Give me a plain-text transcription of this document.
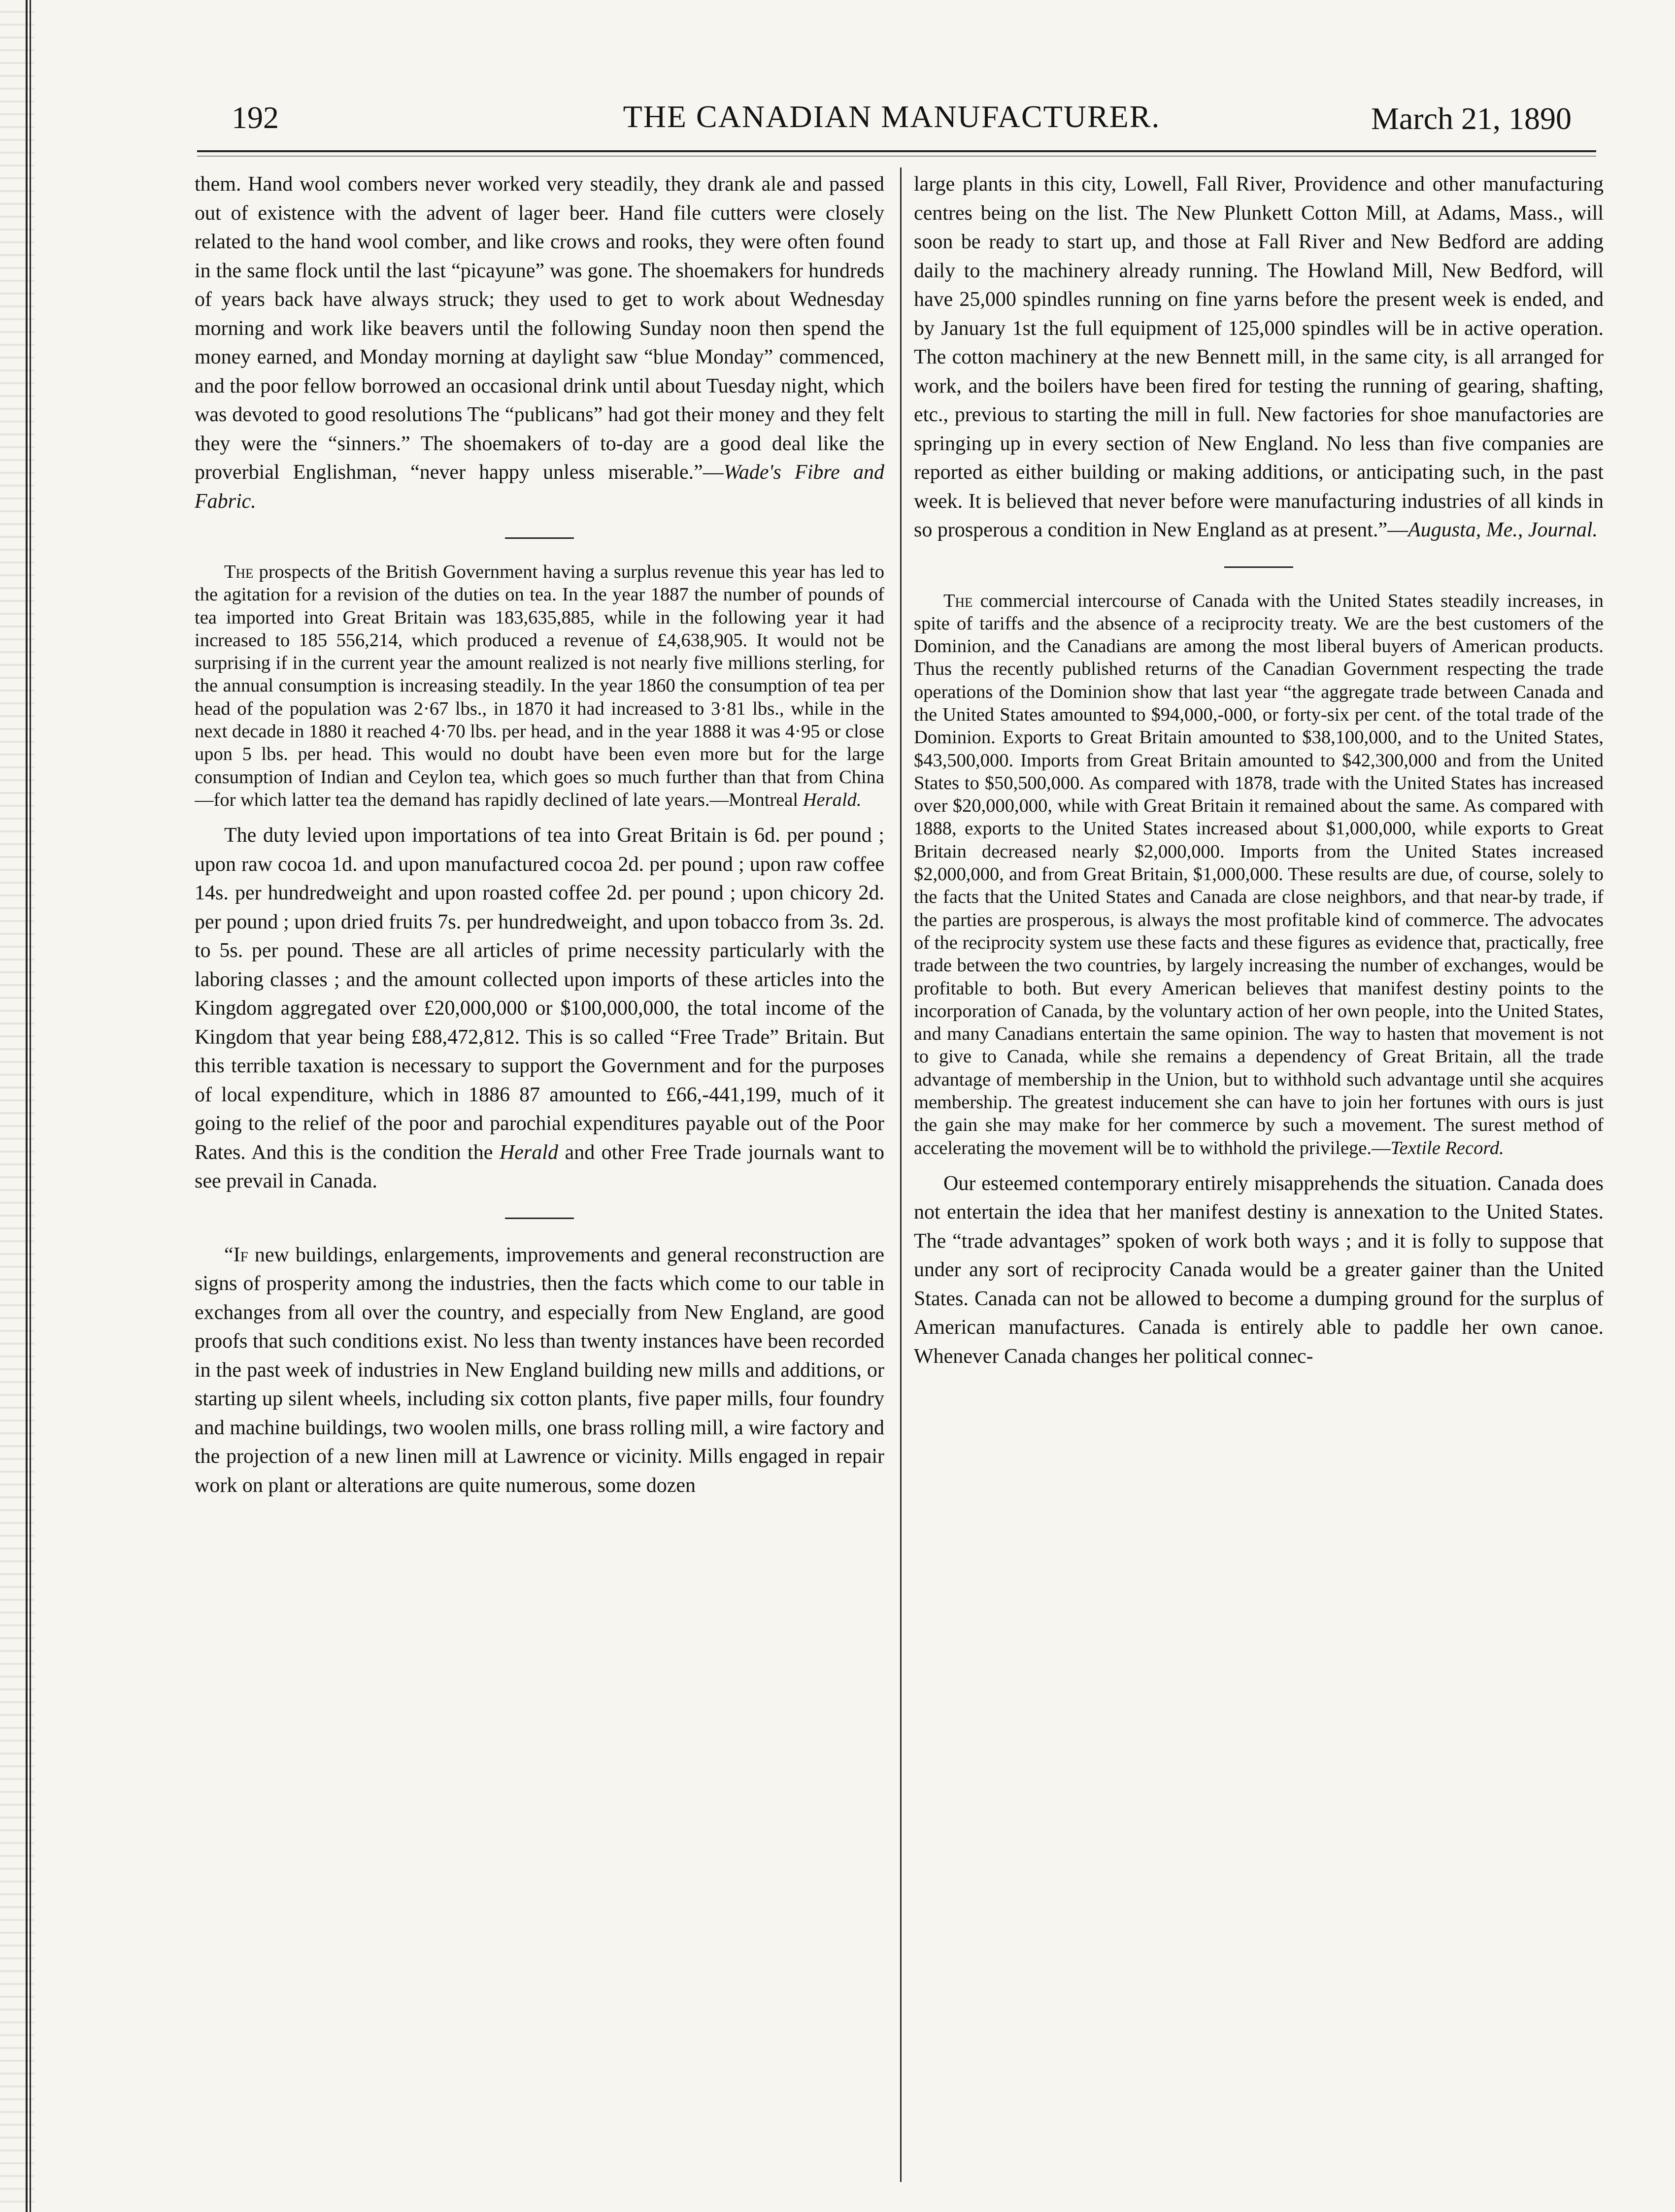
192	THE CANADIAN MANUFACTURER.	March 21, 1890

them. Hand wool combers never worked very steadily, they drank ale and passed out of existence with the advent of lager beer. Hand file cutters were closely related to the hand wool comber, and like crows and rooks, they were often found in the same flock until the last “picayune” was gone. The shoemakers for hundreds of years back have always struck; they used to get to work about Wednesday morning and work like beavers until the following Sunday noon then spend the money earned, and Monday morning at daylight saw “blue Monday” commenced, and the poor fellow borrowed an occasional drink until about Tuesday night, which was devoted to good resolutions The “publicans” had got their money and they felt they were the “sinners.” The shoemakers of to-day are a good deal like the proverbial Englishman, “never happy unless miserable.”—Wade's Fibre and Fabric.

The prospects of the British Government having a surplus revenue this year has led to the agitation for a revision of the duties on tea. In the year 1887 the number of pounds of tea imported into Great Britain was 183,635,885, while in the following year it had increased to 185 556,214, which produced a revenue of £4,638,905. It would not be surprising if in the current year the amount realized is not nearly five millions sterling, for the annual consumption is increasing steadily. In the year 1860 the consumption of tea per head of the population was 2·67 lbs., in 1870 it had increased to 3·81 lbs., while in the next decade in 1880 it reached 4·70 lbs. per head, and in the year 1888 it was 4·95 or close upon 5 lbs. per head. This would no doubt have been even more but for the large consumption of Indian and Ceylon tea, which goes so much further than that from China—for which latter tea the demand has rapidly declined of late years.—Montreal Herald.

The duty levied upon importations of tea into Great Britain is 6d. per pound ; upon raw cocoa 1d. and upon manufactured cocoa 2d. per pound ; upon raw coffee 14s. per hundredweight and upon roasted coffee 2d. per pound ; upon chicory 2d. per pound ; upon dried fruits 7s. per hundredweight, and upon tobacco from 3s. 2d. to 5s. per pound. These are all articles of prime necessity particularly with the laboring classes ; and the amount collected upon imports of these articles into the Kingdom aggregated over £20,000,000 or $100,000,000, the total income of the Kingdom that year being £88,472,812. This is so called “Free Trade” Britain. But this terrible taxation is necessary to support the Government and for the purposes of local expenditure, which in 1886 87 amounted to £66,-441,199, much of it going to the relief of the poor and parochial expenditures payable out of the Poor Rates. And this is the condition the Herald and other Free Trade journals want to see prevail in Canada.

“If new buildings, enlargements, improvements and general reconstruction are signs of prosperity among the industries, then the facts which come to our table in exchanges from all over the country, and especially from New England, are good proofs that such conditions exist. No less than twenty instances have been recorded in the past week of industries in New England building new mills and additions, or starting up silent wheels, including six cotton plants, five paper mills, four foundry and machine buildings, two woolen mills, one brass rolling mill, a wire factory and the projection of a new linen mill at Lawrence or vicinity. Mills engaged in repair work on plant or alterations are quite numerous, some dozen

large plants in this city, Lowell, Fall River, Providence and other manufacturing centres being on the list. The New Plunkett Cotton Mill, at Adams, Mass., will soon be ready to start up, and those at Fall River and New Bedford are adding daily to the machinery already running. The Howland Mill, New Bedford, will have 25,000 spindles running on fine yarns before the present week is ended, and by January 1st the full equipment of 125,000 spindles will be in active operation. The cotton machinery at the new Bennett mill, in the same city, is all arranged for work, and the boilers have been fired for testing the running of gearing, shafting, etc., previous to starting the mill in full. New factories for shoe manufactories are springing up in every section of New England. No less than five companies are reported as either building or making additions, or anticipating such, in the past week. It is believed that never before were manufacturing industries of all kinds in so prosperous a condition in New England as at present.”—Augusta, Me., Journal.

The commercial intercourse of Canada with the United States steadily increases, in spite of tariffs and the absence of a reciprocity treaty. We are the best customers of the Dominion, and the Canadians are among the most liberal buyers of American products. Thus the recently published returns of the Canadian Government respecting the trade operations of the Dominion show that last year “the aggregate trade between Canada and the United States amounted to $94,000,-000, or forty-six per cent. of the total trade of the Dominion. Exports to Great Britain amounted to $38,100,000, and to the United States, $43,500,000. Imports from Great Britain amounted to $42,300,000 and from the United States to $50,500,000. As compared with 1878, trade with the United States has increased over $20,000,000, while with Great Britain it remained about the same. As compared with 1888, exports to the United States increased about $1,000,000, while exports to Great Britain decreased nearly $2,000,000. Imports from the United States increased $2,000,000, and from Great Britain, $1,000,000. These results are due, of course, solely to the facts that the United States and Canada are close neighbors, and that near-by trade, if the parties are prosperous, is always the most profitable kind of commerce. The advocates of the reciprocity system use these facts and these figures as evidence that, practically, free trade between the two countries, by largely increasing the number of exchanges, would be profitable to both. But every American believes that manifest destiny points to the incorporation of Canada, by the voluntary action of her own people, into the United States, and many Canadians entertain the same opinion. The way to hasten that movement is not to give to Canada, while she remains a dependency of Great Britain, all the trade advantage of membership in the Union, but to withhold such advantage until she acquires membership. The greatest inducement she can have to join her fortunes with ours is just the gain she may make for her commerce by such a movement. The surest method of accelerating the movement will be to withhold the privilege.—Textile Record.

Our esteemed contemporary entirely misapprehends the situation. Canada does not entertain the idea that her manifest destiny is annexation to the United States. The “trade advantages” spoken of work both ways ; and it is folly to suppose that under any sort of reciprocity Canada would be a greater gainer than the United States. Canada can not be allowed to become a dumping ground for the surplus of American manufactures. Canada is entirely able to paddle her own canoe. Whenever Canada changes her political connec-
